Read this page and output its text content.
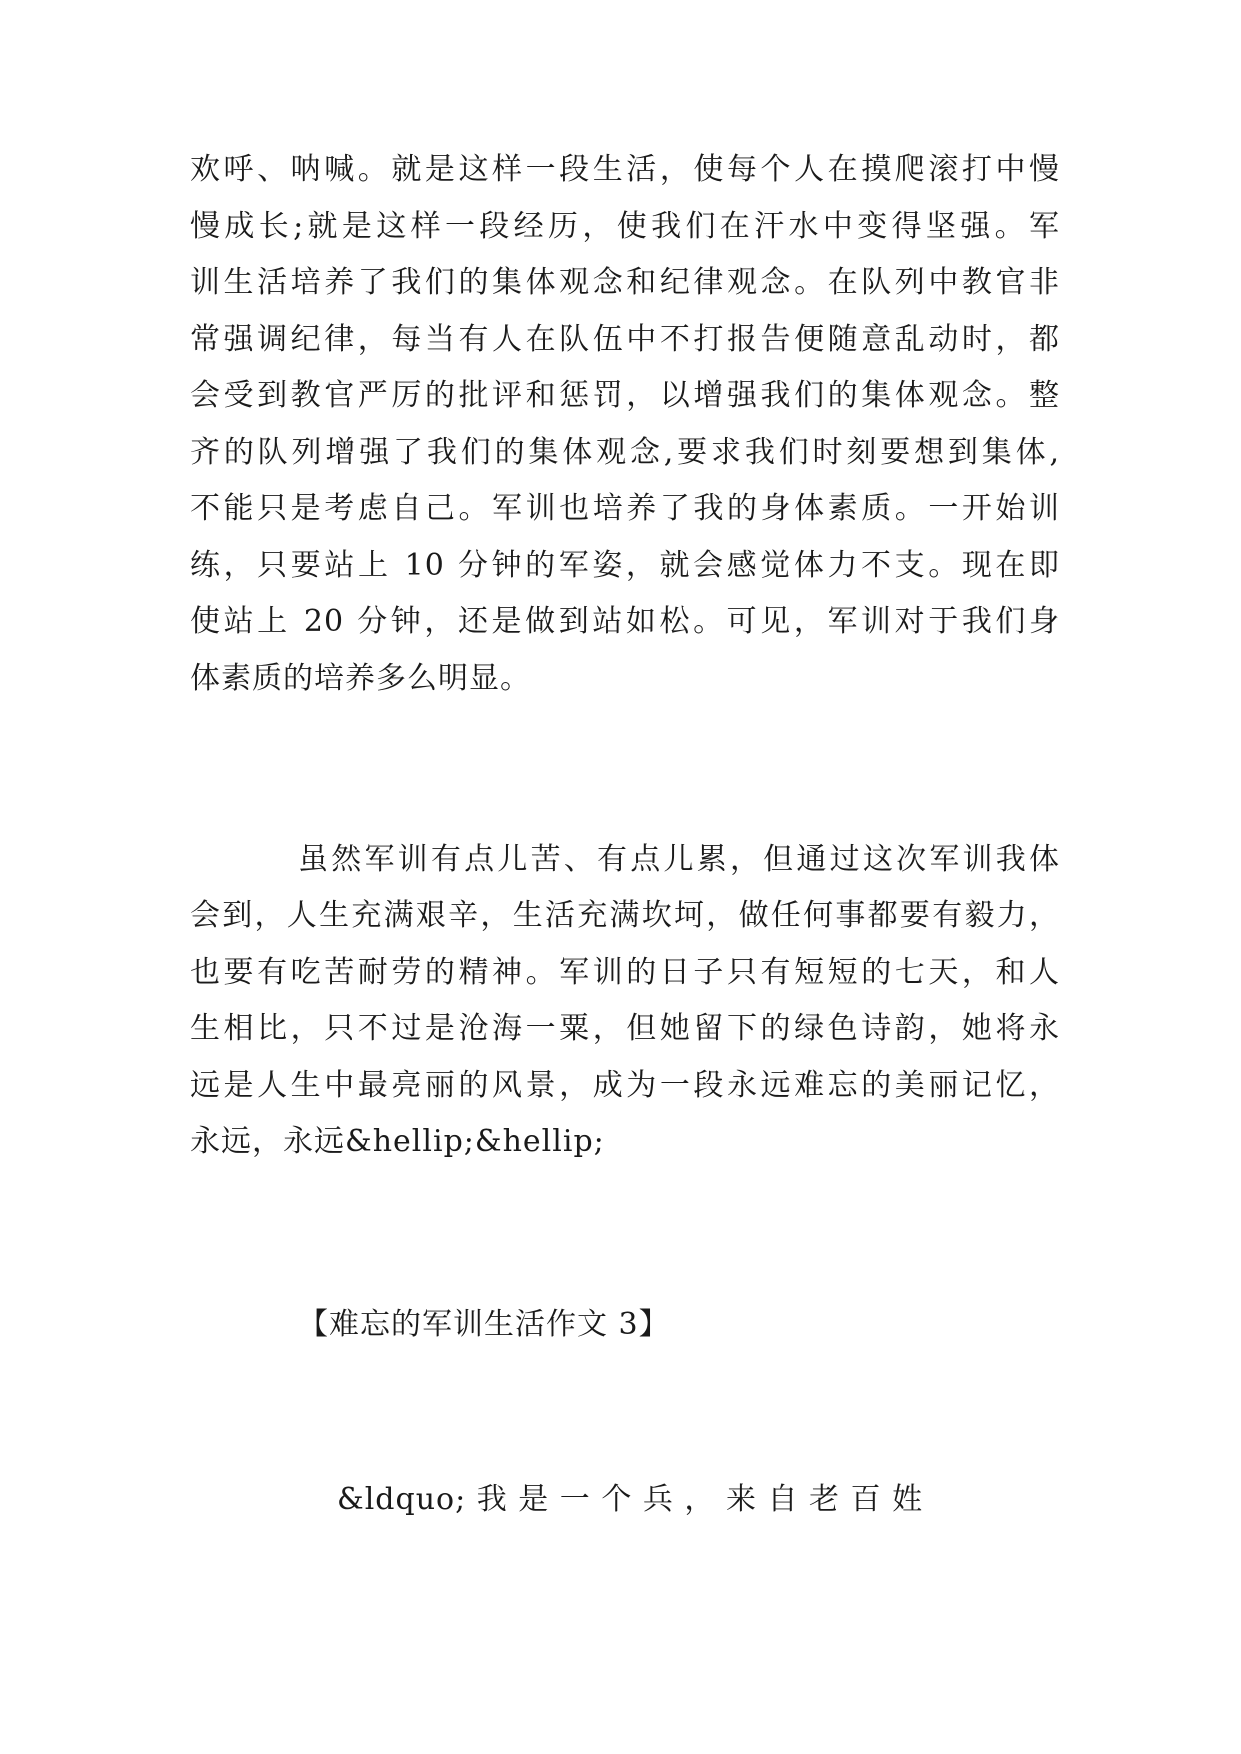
欢呼、呐喊。就是这样一段生活，使每个人在摸爬滚打中慢
慢成长;就是这样一段经历，使我们在汗水中变得坚强。军
训生活培养了我们的集体观念和纪律观念。在队列中教官非
常强调纪律，每当有人在队伍中不打报告便随意乱动时，都
会受到教官严厉的批评和惩罚，以增强我们的集体观念。整
齐的队列增强了我们的集体观念,要求我们时刻要想到集体,
不能只是考虑自己。军训也培养了我的身体素质。一开始训
练，只要站上 10 分钟的军姿，就会感觉体力不支。现在即
使站上 20 分钟，还是做到站如松。可见，军训对于我们身
体素质的培养多么明显。
虽然军训有点儿苦、有点儿累，但通过这次军训我体
会到，人生充满艰辛，生活充满坎坷，做任何事都要有毅力，
也要有吃苦耐劳的精神。军训的日子只有短短的七天，和人
生相比，只不过是沧海一粟，但她留下的绿色诗韵，她将永
远是人生中最亮丽的风景，成为一段永远难忘的美丽记忆，
永远，永远&hellip;&hellip;
【难忘的军训生活作文 3】
&ldquo; 我 是 一 个 兵 ， 来 自 老 百 姓
